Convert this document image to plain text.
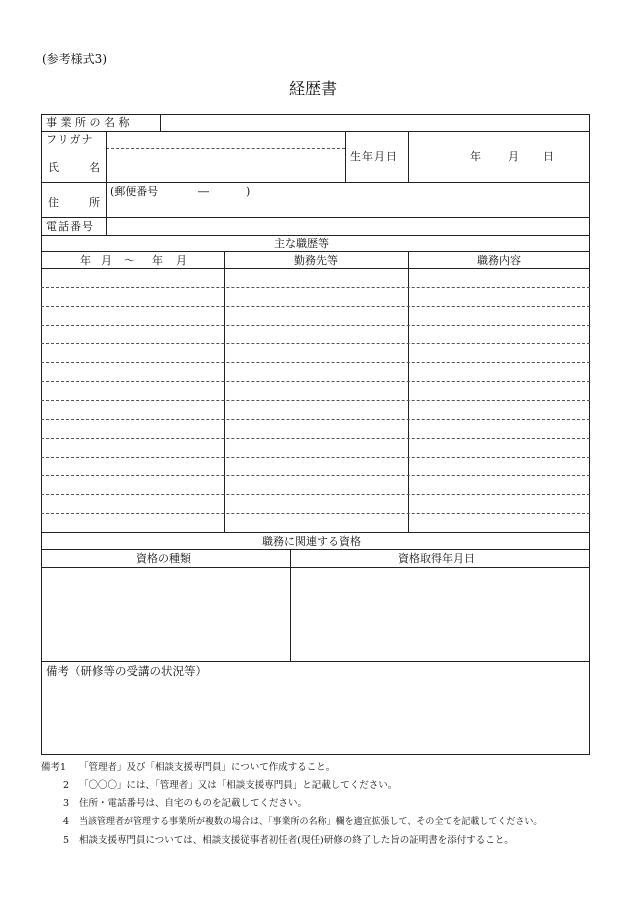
(参考様式3)
経歴書
事 業 所 の 名 称
フリガナ
氏	名
生年月日	年 月 日
住	所
(郵便番号	―	)
電話番号
主な職歴等
年 月 ～ 年 月	勤務先等	職務内容
職務に関連する資格
資格の種類	資格取得年月日
備考（研修等の受講の状況等）
備考1 「管理者」及び「相談支援専門員」について作成すること。
2 「〇〇〇」には、「管理者」又は「相談支援専門員」と記載してください。
3 住所・電話番号は、自宅のものを記載してください。
4 当該管理者が管理する事業所が複数の場合は、「事業所の名称」欄を適宜拡張して、その全てを記載してください。
5 相談支援専門員については、相談支援従事者初任者(現任)研修の終了した旨の証明書を添付すること。
